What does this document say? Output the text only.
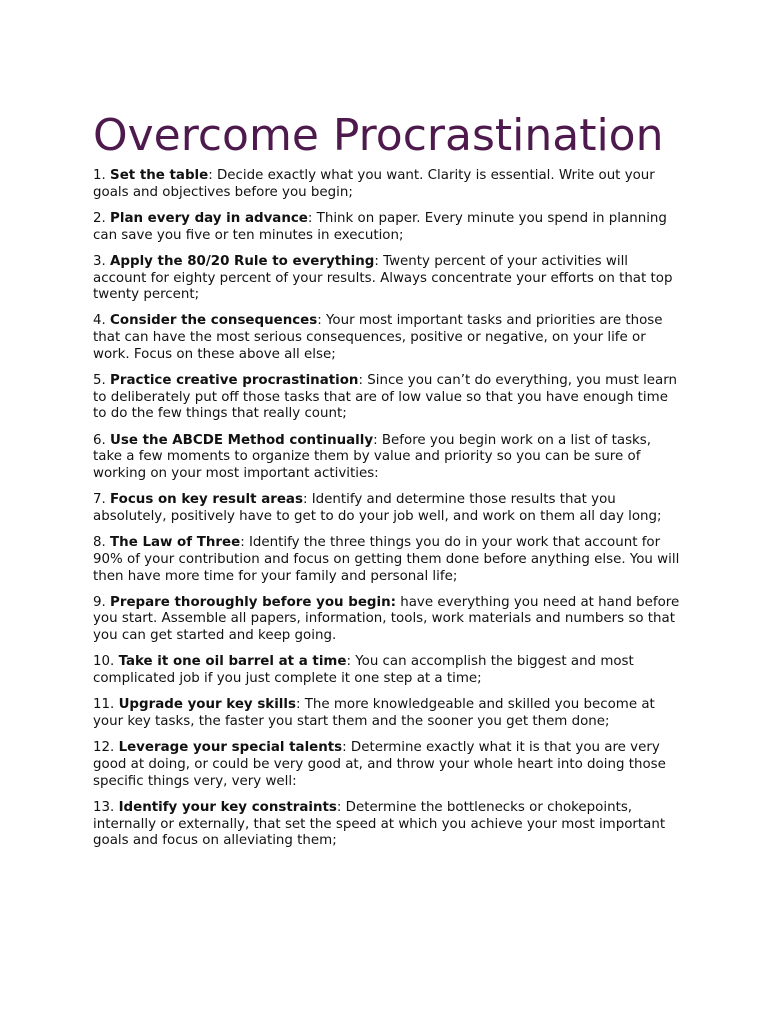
Overcome Procrastination
1. Set the table: Decide exactly what you want. Clarity is essential. Write out your goals and objectives before you begin;
2. Plan every day in advance: Think on paper. Every minute you spend in planning can save you five or ten minutes in execution;
3. Apply the 80/20 Rule to everything: Twenty percent of your activities will account for eighty percent of your results. Always concentrate your efforts on that top twenty percent;
4. Consider the consequences: Your most important tasks and priorities are those that can have the most serious consequences, positive or negative, on your life or work. Focus on these above all else;
5. Practice creative procrastination: Since you can’t do everything, you must learn to deliberately put off those tasks that are of low value so that you have enough time to do the few things that really count;
6. Use the ABCDE Method continually: Before you begin work on a list of tasks, take a few moments to organize them by value and priority so you can be sure of working on your most important activities:
7. Focus on key result areas: Identify and determine those results that you absolutely, positively have to get to do your job well, and work on them all day long;
8. The Law of Three: Identify the three things you do in your work that account for 90% of your contribution and focus on getting them done before anything else. You will then have more time for your family and personal life;
9. Prepare thoroughly before you begin: have everything you need at hand before you start. Assemble all papers, information, tools, work materials and numbers so that you can get started and keep going.
10. Take it one oil barrel at a time: You can accomplish the biggest and most complicated job if you just complete it one step at a time;
11. Upgrade your key skills: The more knowledgeable and skilled you become at your key tasks, the faster you start them and the sooner you get them done;
12. Leverage your special talents: Determine exactly what it is that you are very good at doing, or could be very good at, and throw your whole heart into doing those specific things very, very well:
13. Identify your key constraints: Determine the bottlenecks or chokepoints, internally or externally, that set the speed at which you achieve your most important goals and focus on alleviating them;
